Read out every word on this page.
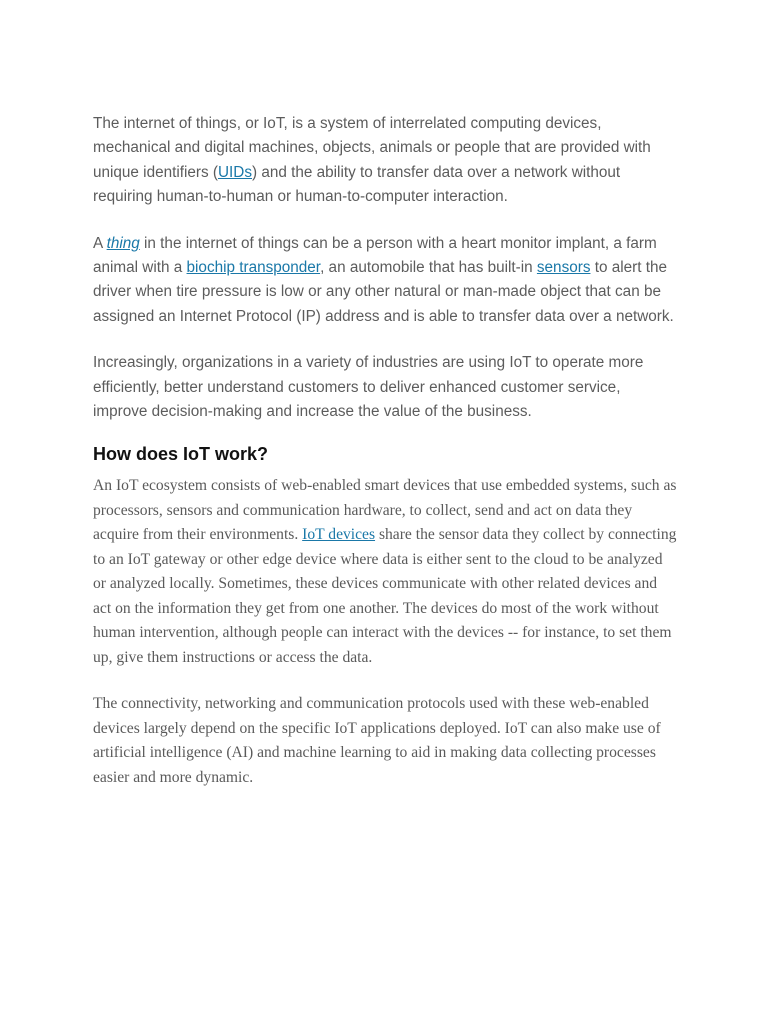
The internet of things, or IoT, is a system of interrelated computing devices, mechanical and digital machines, objects, animals or people that are provided with unique identifiers (UIDs) and the ability to transfer data over a network without requiring human-to-human or human-to-computer interaction.

A thing in the internet of things can be a person with a heart monitor implant, a farm animal with a biochip transponder, an automobile that has built-in sensors to alert the driver when tire pressure is low or any other natural or man-made object that can be assigned an Internet Protocol (IP) address and is able to transfer data over a network.

Increasingly, organizations in a variety of industries are using IoT to operate more efficiently, better understand customers to deliver enhanced customer service, improve decision-making and increase the value of the business.

How does IoT work?

An IoT ecosystem consists of web-enabled smart devices that use embedded systems, such as processors, sensors and communication hardware, to collect, send and act on data they acquire from their environments. IoT devices share the sensor data they collect by connecting to an IoT gateway or other edge device where data is either sent to the cloud to be analyzed or analyzed locally. Sometimes, these devices communicate with other related devices and act on the information they get from one another. The devices do most of the work without human intervention, although people can interact with the devices -- for instance, to set them up, give them instructions or access the data.

The connectivity, networking and communication protocols used with these web-enabled devices largely depend on the specific IoT applications deployed. IoT can also make use of artificial intelligence (AI) and machine learning to aid in making data collecting processes easier and more dynamic.
